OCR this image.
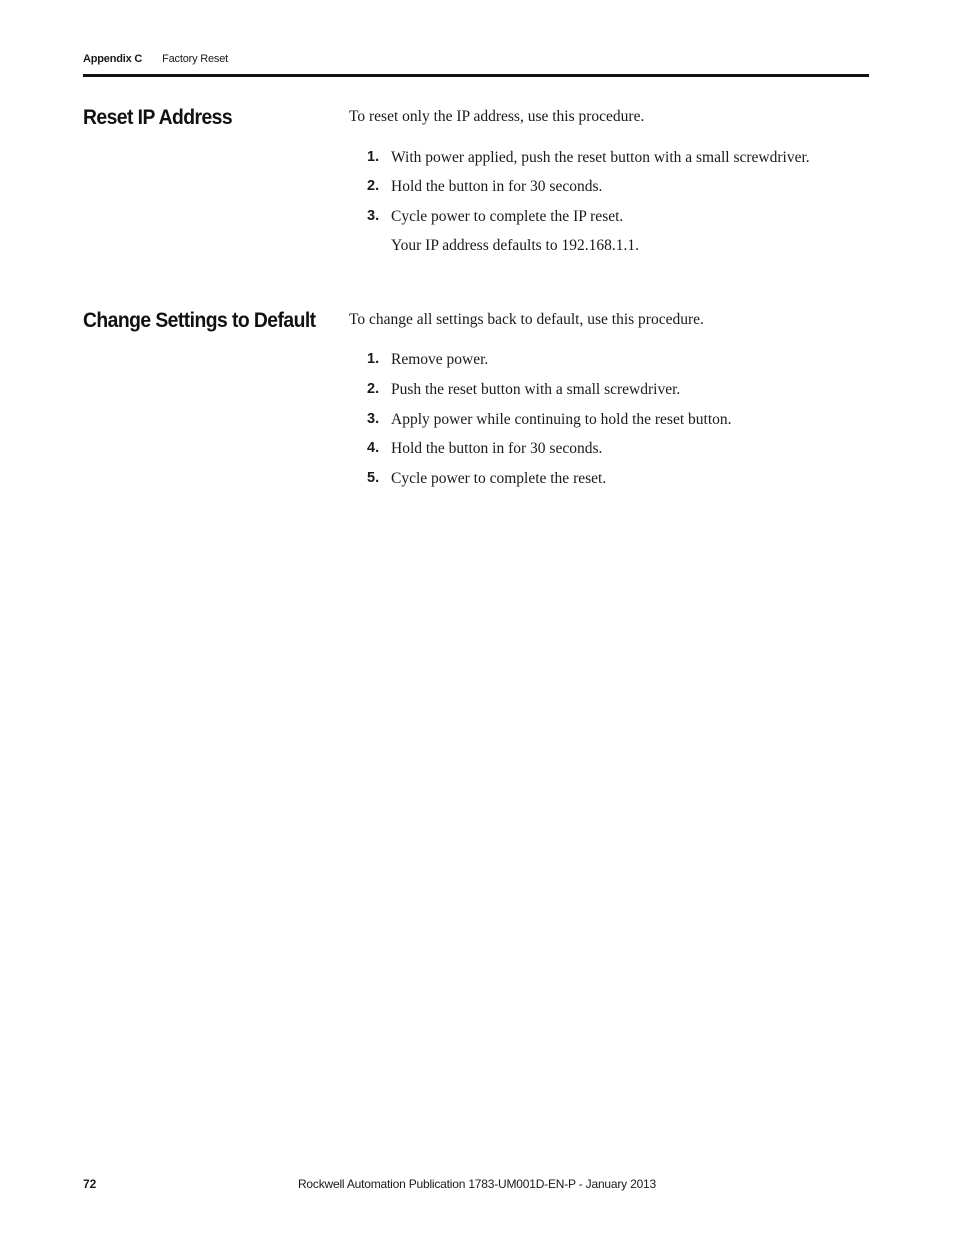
Appendix C Factory Reset
Reset IP Address	To reset only the IP address, use this procedure.
1. With power applied, push the reset button with a small screwdriver.
2. Hold the button in for 30 seconds.
3. Cycle power to complete the IP reset.
Your IP address defaults to 192.168.1.1.
Change Settings to Default To change all settings back to default, use this procedure.
1. Remove power.
2. Push the reset button with a small screwdriver.
3. Apply power while continuing to hold the reset button.
4. Hold the button in for 30 seconds.
5. Cycle power to complete the reset.
72	Rockwell Automation Publication 1783-UM001D-EN-P - January 2013
